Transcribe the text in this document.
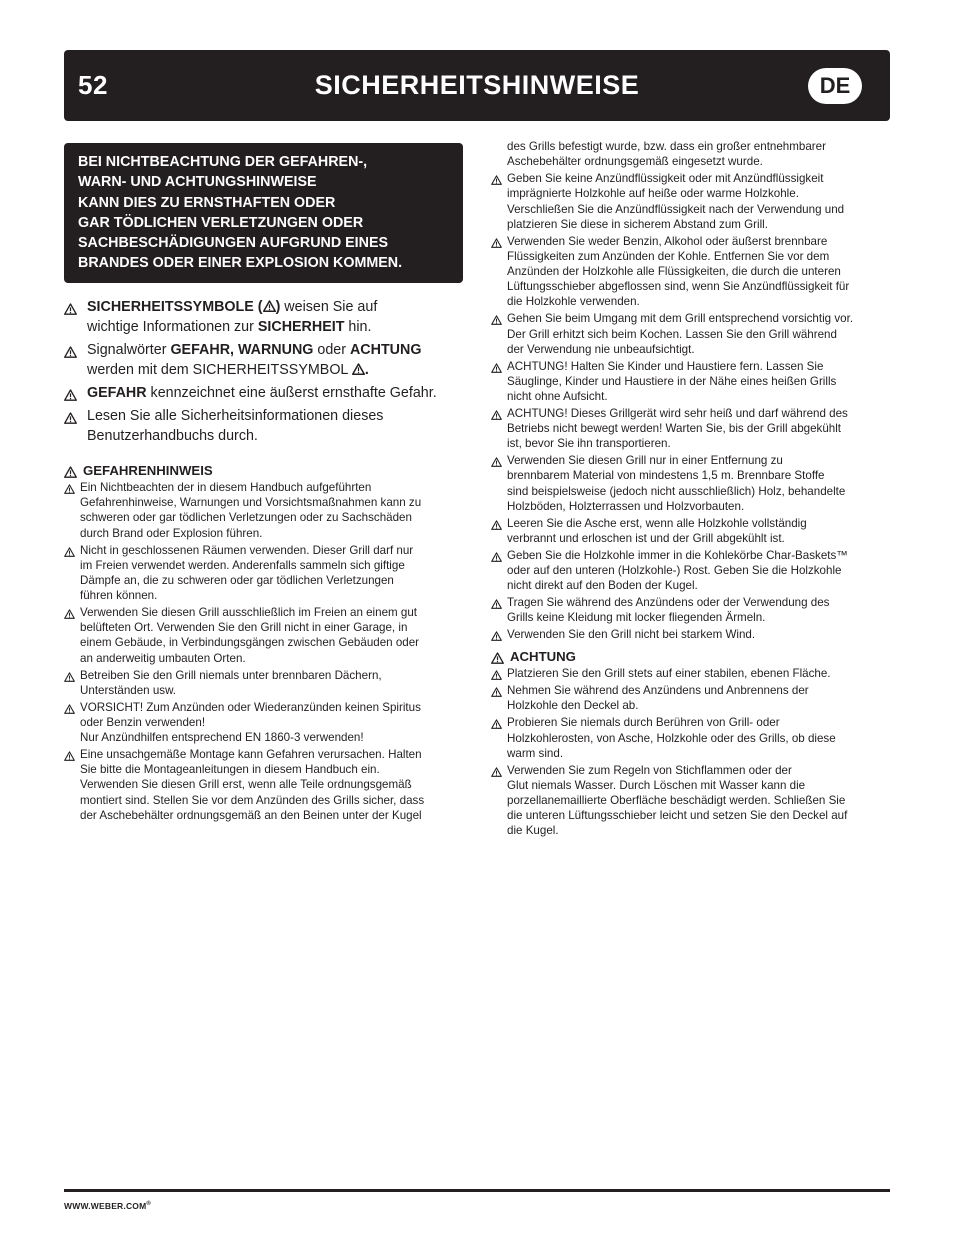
52	SICHERHEITSHINWEISE	DE
BEI NICHTBEACHTUNG DER GEFAHREN-,
WARN- UND ACHTUNGSHINWEISE
KANN DIES ZU ERNSTHAFTEN ODER
GAR TÖDLICHEN VERLETZUNGEN ODER
SACHBESCHÄDIGUNGEN AUFGRUND EINES
BRANDES ODER EINER EXPLOSION KOMMEN.
SICHERHEITSSYMBOLE ( ) weisen Sie auf
wichtige Informationen zur SICHERHEIT hin.
Signalwörter GEFAHR, WARNUNG oder ACHTUNG
werden mit dem SICHERHEITSSYMBOL .
GEFAHR kennzeichnet eine äußerst ernsthafte Gefahr.
Lesen Sie alle Sicherheitsinformationen dieses
Benutzerhandbuchs durch.
GEFAHRENHINWEIS
Ein Nichtbeachten der in diesem Handbuch aufgeführten
Gefahrenhinweise, Warnungen und Vorsichtsmaßnahmen kann zu
schweren oder gar tödlichen Verletzungen oder zu Sachschäden
durch Brand oder Explosion führen.
Nicht in geschlossenen Räumen verwenden. Dieser Grill darf nur
im Freien verwendet werden. Anderenfalls sammeln sich giftige
Dämpfe an, die zu schweren oder gar tödlichen Verletzungen
führen können.
Verwenden Sie diesen Grill ausschließlich im Freien an einem gut
belüfteten Ort. Verwenden Sie den Grill nicht in einer Garage, in
einem Gebäude, in Verbindungsgängen zwischen Gebäuden oder
an anderweitig umbauten Orten.
Betreiben Sie den Grill niemals unter brennbaren Dächern,
Unterständen usw.
VORSICHT! Zum Anzünden oder Wiederanzünden keinen Spiritus
oder Benzin verwenden!
Nur Anzündhilfen entsprechend EN 1860-3 verwenden!
Eine unsachgemäße Montage kann Gefahren verursachen. Halten
Sie bitte die Montageanleitungen in diesem Handbuch ein.
Verwenden Sie diesen Grill erst, wenn alle Teile ordnungsgemäß
montiert sind. Stellen Sie vor dem Anzünden des Grills sicher, dass
der Aschebehälter ordnungsgemäß an den Beinen unter der Kugel
des Grills befestigt wurde, bzw. dass ein großer entnehmbarer
Aschebehälter ordnungsgemäß eingesetzt wurde.
Geben Sie keine Anzündflüssigkeit oder mit Anzündflüssigkeit
imprägnierte Holzkohle auf heiße oder warme Holzkohle.
Verschließen Sie die Anzündflüssigkeit nach der Verwendung und
platzieren Sie diese in sicherem Abstand zum Grill.
Verwenden Sie weder Benzin, Alkohol oder äußerst brennbare
Flüssigkeiten zum Anzünden der Kohle. Entfernen Sie vor dem
Anzünden der Holzkohle alle Flüssigkeiten, die durch die unteren
Lüftungsschieber abgeflossen sind, wenn Sie Anzündflüssigkeit für
die Holzkohle verwenden.
Gehen Sie beim Umgang mit dem Grill entsprechend vorsichtig vor.
Der Grill erhitzt sich beim Kochen. Lassen Sie den Grill während
der Verwendung nie unbeaufsichtigt.
ACHTUNG! Halten Sie Kinder und Haustiere fern. Lassen Sie
Säuglinge, Kinder und Haustiere in der Nähe eines heißen Grills
nicht ohne Aufsicht.
ACHTUNG! Dieses Grillgerät wird sehr heiß und darf während des
Betriebs nicht bewegt werden! Warten Sie, bis der Grill abgekühlt
ist, bevor Sie ihn transportieren.
Verwenden Sie diesen Grill nur in einer Entfernung zu
brennbarem Material von mindestens 1,5 m. Brennbare Stoffe
sind beispielsweise (jedoch nicht ausschließlich) Holz, behandelte
Holzböden, Holzterrassen und Holzvorbauten.
Leeren Sie die Asche erst, wenn alle Holzkohle vollständig
verbrannt und erloschen ist und der Grill abgekühlt ist.
Geben Sie die Holzkohle immer in die Kohlekörbe Char-Baskets™
oder auf den unteren (Holzkohle-) Rost. Geben Sie die Holzkohle
nicht direkt auf den Boden der Kugel.
Tragen Sie während des Anzündens oder der Verwendung des
Grills keine Kleidung mit locker fliegenden Ärmeln.
Verwenden Sie den Grill nicht bei starkem Wind.
ACHTUNG
Platzieren Sie den Grill stets auf einer stabilen, ebenen Fläche.
Nehmen Sie während des Anzündens und Anbrennens der
Holzkohle den Deckel ab.
Probieren Sie niemals durch Berühren von Grill- oder
Holzkohlerosten, von Asche, Holzkohle oder des Grills, ob diese
warm sind.
Verwenden Sie zum Regeln von Stichflammen oder der
Glut niemals Wasser. Durch Löschen mit Wasser kann die
porzellanemaillierte Oberfläche beschädigt werden. Schließen Sie
die unteren Lüftungsschieber leicht und setzen Sie den Deckel auf
die Kugel.
WWW.WEBER.COM®
